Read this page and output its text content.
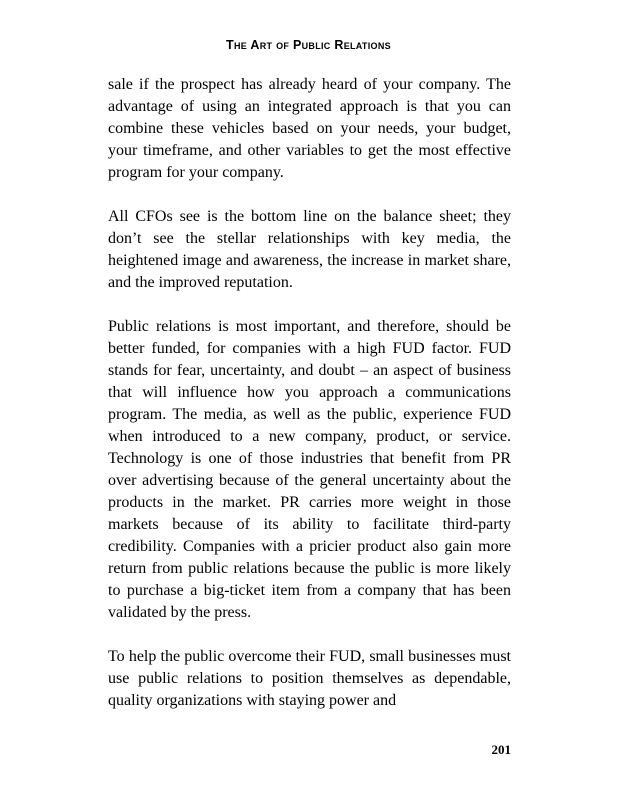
The Art of Public Relations

sale if the prospect has already heard of your company. The advantage of using an integrated approach is that you can combine these vehicles based on your needs, your budget, your timeframe, and other variables to get the most effective program for your company.

All CFOs see is the bottom line on the balance sheet; they don’t see the stellar relationships with key media, the heightened image and awareness, the increase in market share, and the improved reputation.

Public relations is most important, and therefore, should be better funded, for companies with a high FUD factor. FUD stands for fear, uncertainty, and doubt – an aspect of business that will influence how you approach a communications program. The media, as well as the public, experience FUD when introduced to a new company, product, or service. Technology is one of those industries that benefit from PR over advertising because of the general uncertainty about the products in the market. PR carries more weight in those markets because of its ability to facilitate third-party credibility. Companies with a pricier product also gain more return from public relations because the public is more likely to purchase a big-ticket item from a company that has been validated by the press.

To help the public overcome their FUD, small businesses must use public relations to position themselves as dependable, quality organizations with staying power and

201
